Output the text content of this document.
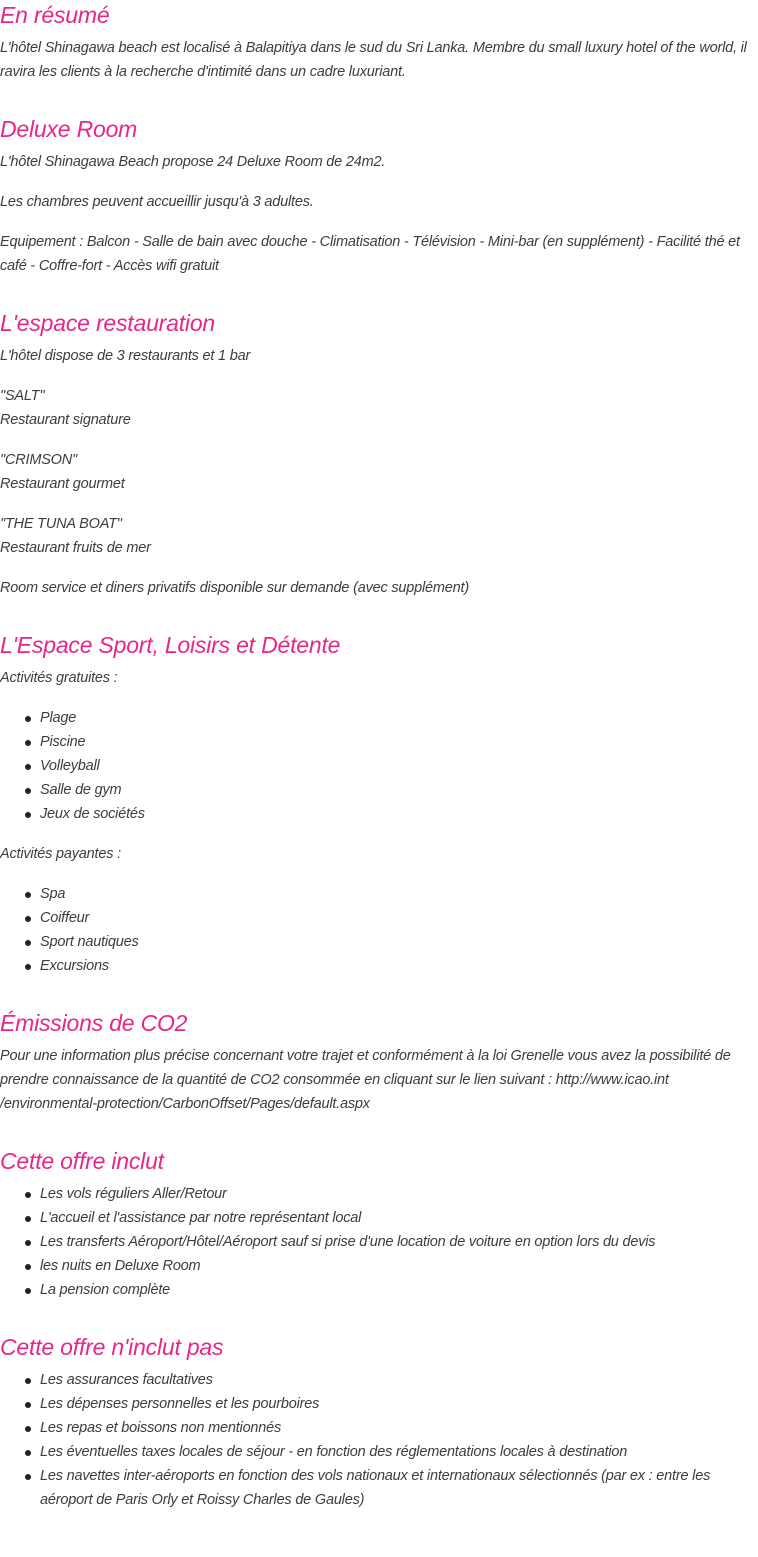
En résumé

L'hôtel Shinagawa beach est localisé à Balapitiya dans le sud du Sri Lanka. Membre du small luxury hotel of the world, il ravira les clients à la recherche d'intimité dans un cadre luxuriant.

Deluxe Room

L'hôtel Shinagawa Beach propose 24 Deluxe Room de 24m2.

Les chambres peuvent accueillir jusqu'à 3 adultes.

Equipement : Balcon - Salle de bain avec douche - Climatisation - Télévision - Mini-bar (en supplément) - Facilité thé et café - Coffre-fort - Accès wifi gratuit

L'espace restauration

L'hôtel dispose de 3 restaurants et 1 bar

"SALT"
Restaurant signature

"CRIMSON"
Restaurant gourmet

"THE TUNA BOAT"
Restaurant fruits de mer

Room service et diners privatifs disponible sur demande (avec supplément)

L'Espace Sport, Loisirs et Détente

Activités gratuites :

Plage
Piscine
Volleyball
Salle de gym
Jeux de sociétés

Activités payantes :

Spa
Coiffeur
Sport nautiques
Excursions
Émissions de CO2

Pour une information plus précise concernant votre trajet et conformément à la loi Grenelle vous avez la possibilité de prendre connaissance de la quantité de CO2 consommée en cliquant sur le lien suivant : http://www.icao.int /environmental-protection/CarbonOffset/Pages/default.aspx

Cette offre inclut
Les vols réguliers Aller/Retour
L'accueil et l'assistance par notre représentant local
Les transferts Aéroport/Hôtel/Aéroport sauf si prise d'une location de voiture en option lors du devis
les nuits en Deluxe Room
La pension complète
Cette offre n'inclut pas
Les assurances facultatives
Les dépenses personnelles et les pourboires
Les repas et boissons non mentionnés
Les éventuelles taxes locales de séjour - en fonction des réglementations locales à destination
Les navettes inter-aéroports en fonction des vols nationaux et internationaux sélectionnés (par ex : entre les aéroport de Paris Orly et Roissy Charles de Gaules)
